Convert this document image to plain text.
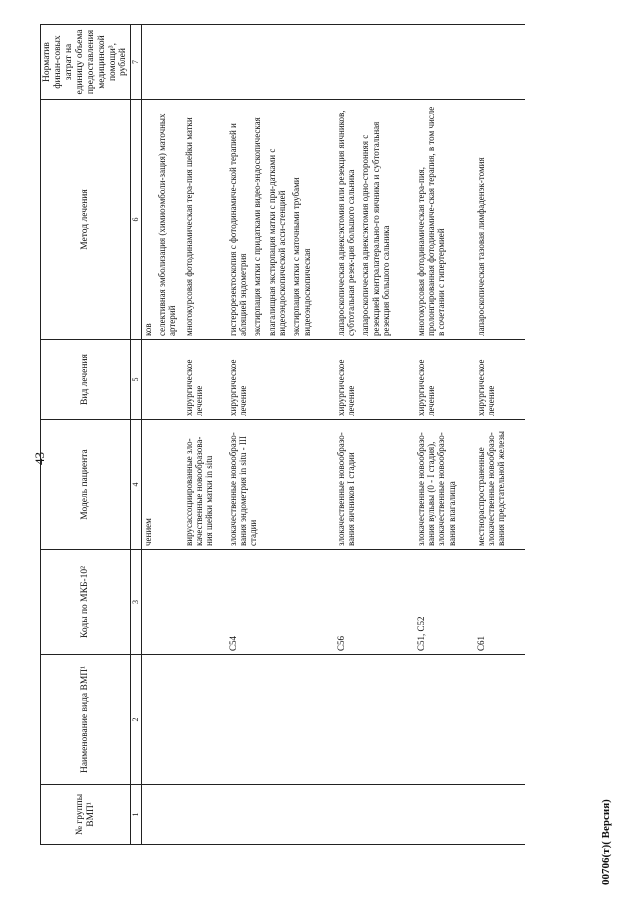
43
№ группы ВМП¹	Наименование вида ВМП¹	Коды по МКБ-10²	Модель пациента	Вид лечения	Метод лечения	Норматив финан-совых затрат на единицу объема предоставления медицинской помощи³, рублей
1	2	3	4	5	6	7
			чением		ков селективная эмболизация (химиоэмболи-зация) маточных артерий	

			вирусассоциированные зло-качественные новообразова-ния шейки матки in situ	хирургическое лечение	многокурсовая фотодинамическая тера-пия шейки матки	

		C54	злокачественные новообразо-вания эндометрия in situ - III стадии	хирургическое лечение	гистерорезектоскопия с фотодинамиче-ской терапией и абляцией эндометрия экстирпация матки с придатками видео-эндоскопическая влагалищная экстирпация матки с при-датками с видеоэндоскопической асси-стенцией экстирпация матки с маточными трубами видеоэндоскопическая	

		C56	злокачественные новообразо-вания яичников I стадии	хирургическое лечение	лапароскопическая аднексэктомия или резекция яичников, субтотальная резек-ция большого сальника лапароскопическая аднексэктомия одно-сторонняя с резекцией контралатерально-го яичника и субтотальная резекция большого сальника	

		C51, C52	злокачественные новообразо-вания вульвы (0 - I стадия), злокачественные новообразо-вания влагалища	хирургическое лечение	многокурсовая фотодинамическая тера-пия, пролонгированная фотодинамиче-ская терапия, в том числе в сочетании с гипертермией	

		C61	местнораспространенные злокачественные новообразо-вания предстательной железы	хирургическое лечение	лапароскопическая тазовая лимфаденэк-томия	

00706(т)( Версия)
